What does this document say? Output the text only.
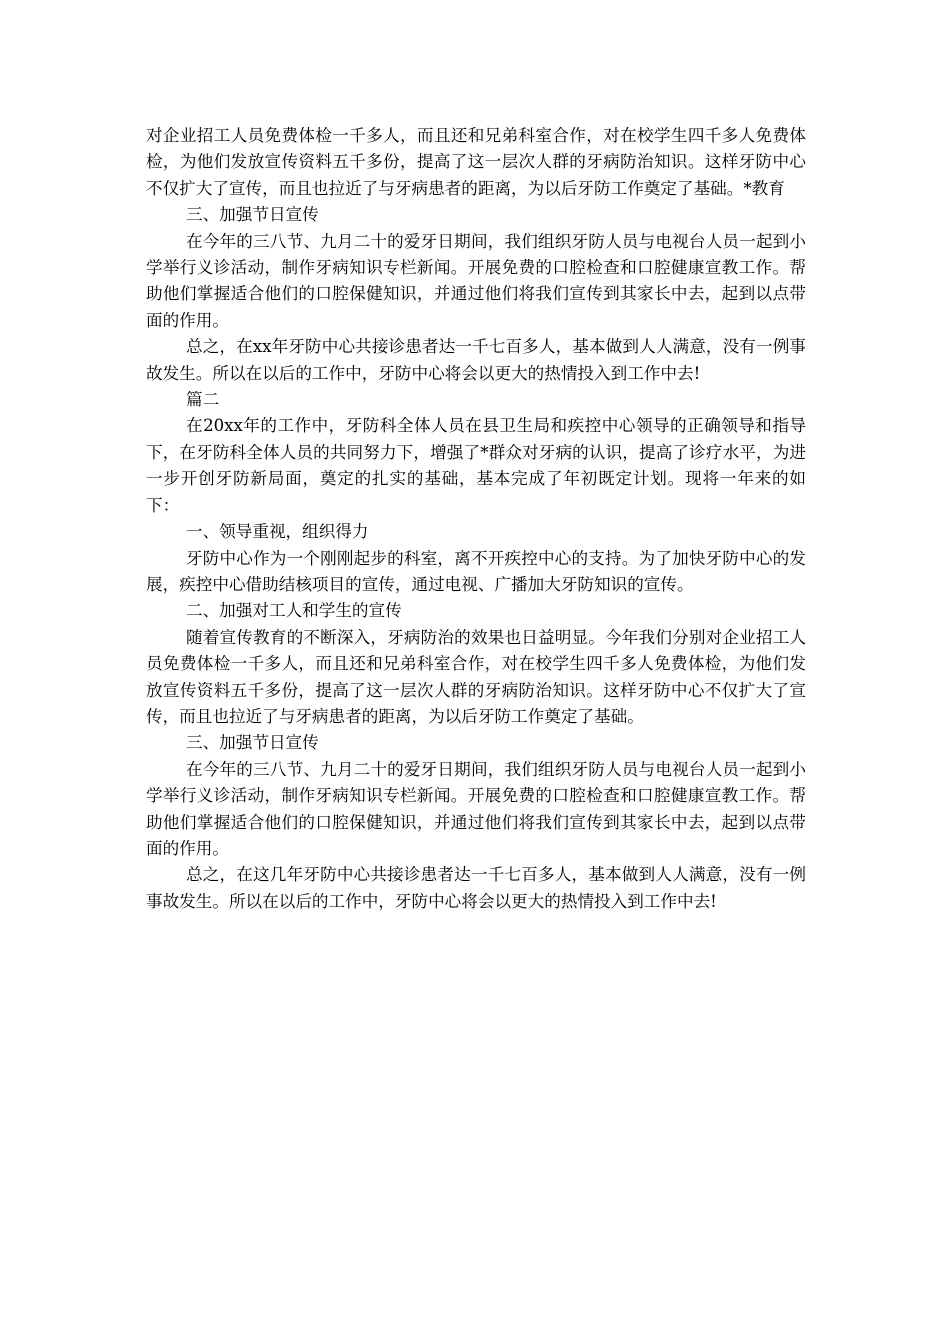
对企业招工人员免费体检一千多人，而且还和兄弟科室合作，对在校学生四千多人免费体检，为他们发放宣传资料五千多份，提高了这一层次人群的牙病防治知识。这样牙防中心不仅扩大了宣传，而且也拉近了与牙病患者的距离，为以后牙防工作奠定了基础。*教育

三、加强节日宣传

在今年的三八节、九月二十的爱牙日期间，我们组织牙防人员与电视台人员一起到小学举行义诊活动，制作牙病知识专栏新闻。开展免费的口腔检查和口腔健康宣教工作。帮助他们掌握适合他们的口腔保健知识，并通过他们将我们宣传到其家长中去，起到以点带面的作用。

总之，在xx年牙防中心共接诊患者达一千七百多人，基本做到人人满意，没有一例事故发生。所以在以后的工作中，牙防中心将会以更大的热情投入到工作中去!

篇二

在20xx年的工作中，牙防科全体人员在县卫生局和疾控中心领导的正确领导和指导下，在牙防科全体人员的共同努力下，增强了*群众对牙病的认识，提高了诊疗水平，为进一步开创牙防新局面，奠定的扎实的基础，基本完成了年初既定计划。现将一年来的如下：

一、领导重视，组织得力

牙防中心作为一个刚刚起步的科室，离不开疾控中心的支持。为了加快牙防中心的发展，疾控中心借助结核项目的宣传，通过电视、广播加大牙防知识的宣传。

二、加强对工人和学生的宣传

随着宣传教育的不断深入，牙病防治的效果也日益明显。今年我们分别对企业招工人员免费体检一千多人，而且还和兄弟科室合作，对在校学生四千多人免费体检，为他们发放宣传资料五千多份，提高了这一层次人群的牙病防治知识。这样牙防中心不仅扩大了宣传，而且也拉近了与牙病患者的距离，为以后牙防工作奠定了基础。

三、加强节日宣传

在今年的三八节、九月二十的爱牙日期间，我们组织牙防人员与电视台人员一起到小学举行义诊活动，制作牙病知识专栏新闻。开展免费的口腔检查和口腔健康宣教工作。帮助他们掌握适合他们的口腔保健知识，并通过他们将我们宣传到其家长中去，起到以点带面的作用。

总之，在这几年牙防中心共接诊患者达一千七百多人，基本做到人人满意，没有一例事故发生。所以在以后的工作中，牙防中心将会以更大的热情投入到工作中去!
